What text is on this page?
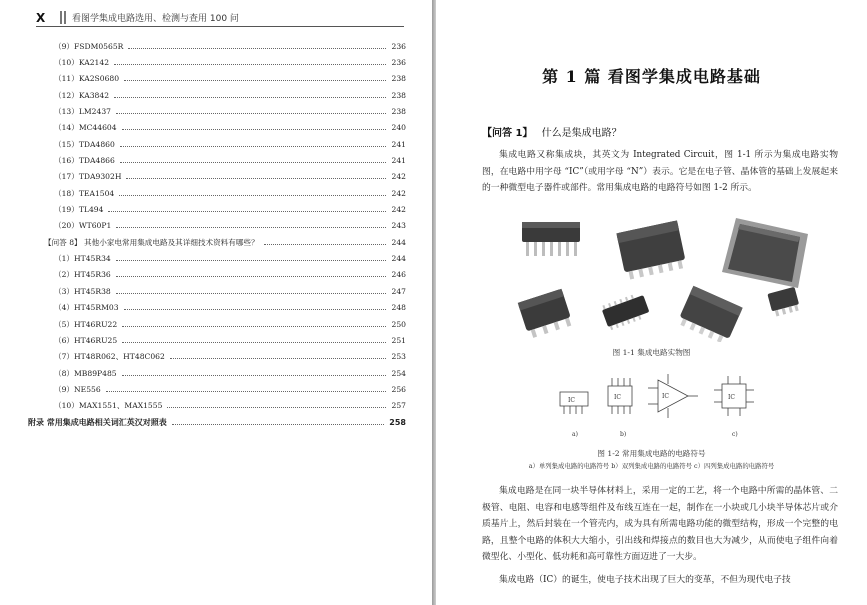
X	看图学集成电路选用、检测与查用 100 问
（9）FSDM0565R	236
（10）KA2142	236
（11）KA2S0680	238
（12）KA3842	238
（13）LM2437	238
（14）MC44604	240
（15）TDA4860	241
（16）TDA4866	241
（17）TDA9302H	242
（18）TEA1504	242
（19）TL494	242
（20）WT60P1	243
【问答 8】 其他小家电常用集成电路及其详细技术资料有哪些？	244
（1）HT45R34	244
（2）HT45R36	246
（3）HT45R38	247
（4）HT45RM03	248
（5）HT46RU22	250
（6）HT46RU25	251
（7）HT48R062、HT48C062	253
（8）MB89P485	254
（9）NE556	256
（10）MAX1551、MAX1555	257
附录 常用集成电路相关词汇英汉对照表	258
第 1 篇 看图学集成电路基础
【问答 1】 什么是集成电路？

集成电路又称集成块，其英文为 Integrated Circuit，图 1-1 所示为集成电路实物图，在电路中用字母 “IC”（或用字母 “N”）表示。它是在电子管、晶体管的基础上发展起来的一种微型电子器件或部件。常用集成电路的电路符号如图 1-2 所示。

图 1-1 集成电路实物图
IC	IC	IC	IC
a)	b)	c)
图 1-2 常用集成电路的电路符号
a）单列集成电路的电路符号 b）双列集成电路的电路符号 c）四列集成电路的电路符号

集成电路是在同一块半导体材料上，采用一定的工艺，将一个电路中所需的晶体管、二极管、电阻、电容和电感等组件及布线互连在一起，制作在一小块或几小块半导体芯片或介质基片上，然后封装在一个管壳内，成为具有所需电路功能的微型结构，形成一个完整的电路，且整个电路的体积大大缩小，引出线和焊接点的数目也大为减少，从而使电子组件向着微型化、小型化、低功耗和高可靠性方面迈进了一大步。

集成电路（IC）的诞生，使电子技术出现了巨大的变革，不但为现代电子技
